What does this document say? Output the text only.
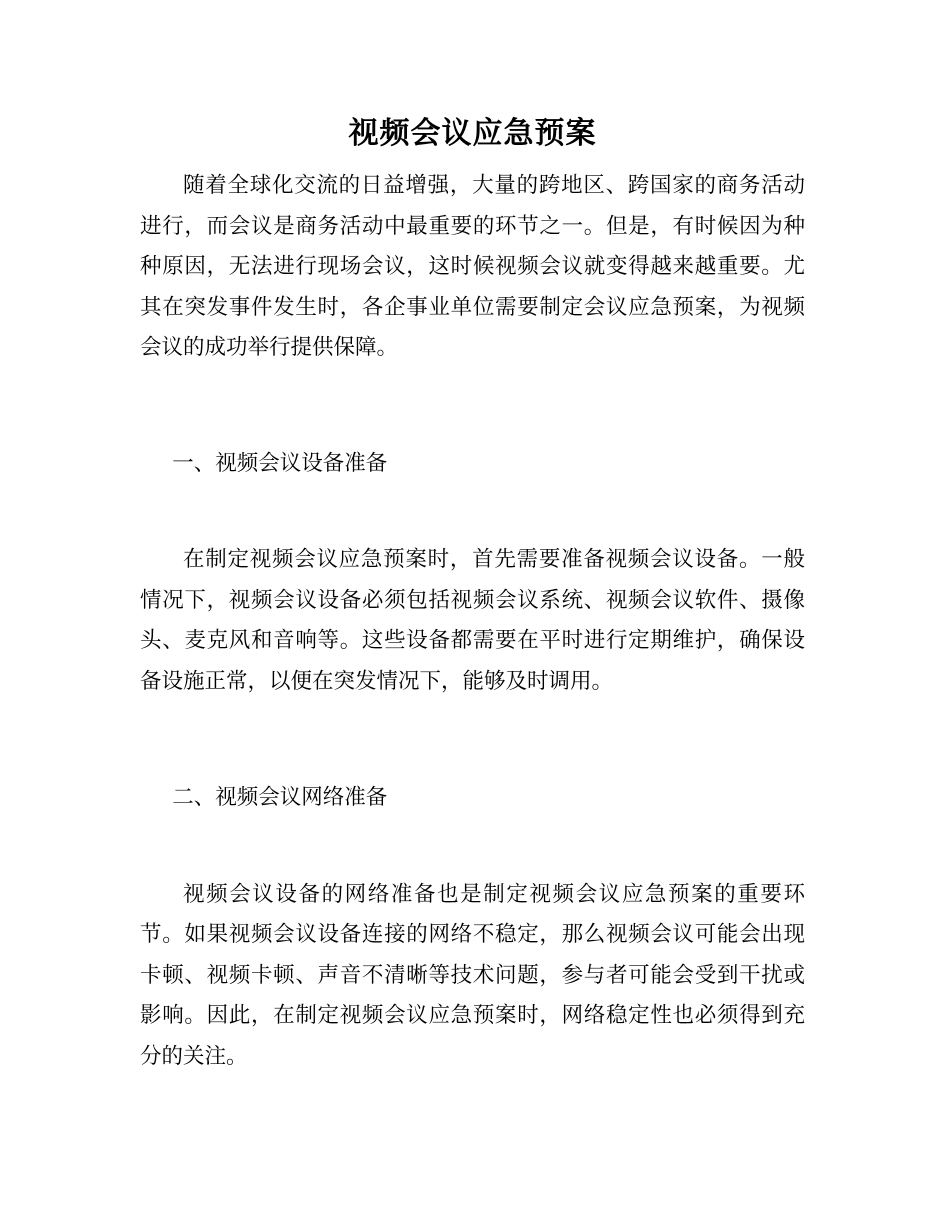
视频会议应急预案

随着全球化交流的日益增强，大量的跨地区、跨国家的商务活动进行，而会议是商务活动中最重要的环节之一。但是，有时候因为种种原因，无法进行现场会议，这时候视频会议就变得越来越重要。尤其在突发事件发生时，各企事业单位需要制定会议应急预案，为视频会议的成功举行提供保障。

一、视频会议设备准备

在制定视频会议应急预案时，首先需要准备视频会议设备。一般情况下，视频会议设备必须包括视频会议系统、视频会议软件、摄像头、麦克风和音响等。这些设备都需要在平时进行定期维护，确保设备设施正常，以便在突发情况下，能够及时调用。

二、视频会议网络准备

视频会议设备的网络准备也是制定视频会议应急预案的重要环节。如果视频会议设备连接的网络不稳定，那么视频会议可能会出现卡顿、视频卡顿、声音不清晰等技术问题，参与者可能会受到干扰或影响。因此，在制定视频会议应急预案时，网络稳定性也必须得到充分的关注。
